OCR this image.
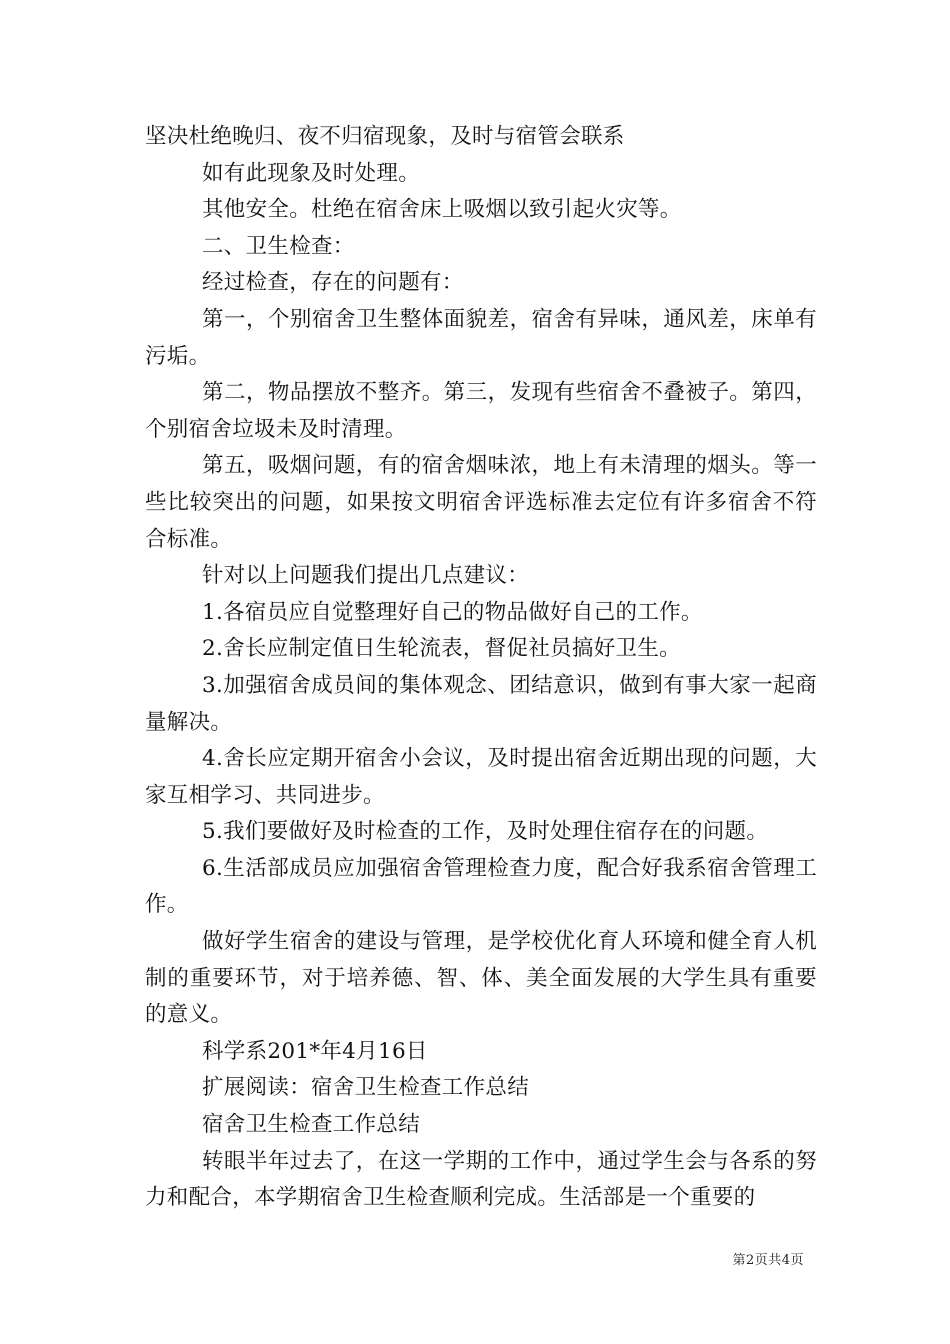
坚决杜绝晚归、夜不归宿现象，及时与宿管会联系

如有此现象及时处理。

其他安全。杜绝在宿舍床上吸烟以致引起火灾等。

二、卫生检查：

经过检查，存在的问题有：

第一，个别宿舍卫生整体面貌差，宿舍有异味，通风差，床单有污垢。

第二，物品摆放不整齐。第三，发现有些宿舍不叠被子。第四，个别宿舍垃圾未及时清理。

第五，吸烟问题，有的宿舍烟味浓，地上有未清理的烟头。等一些比较突出的问题，如果按文明宿舍评选标准去定位有许多宿舍不符合标准。

针对以上问题我们提出几点建议：

1.各宿员应自觉整理好自己的物品做好自己的工作。

2.舍长应制定值日生轮流表，督促社员搞好卫生。

3.加强宿舍成员间的集体观念、团结意识，做到有事大家一起商量解决。

4.舍长应定期开宿舍小会议，及时提出宿舍近期出现的问题，大家互相学习、共同进步。

5.我们要做好及时检查的工作，及时处理住宿存在的问题。

6.生活部成员应加强宿舍管理检查力度，配合好我系宿舍管理工作。

做好学生宿舍的建设与管理，是学校优化育人环境和健全育人机制的重要环节，对于培养德、智、体、美全面发展的大学生具有重要的意义。

科学系201*年4月16日

扩展阅读：宿舍卫生检查工作总结

宿舍卫生检查工作总结

转眼半年过去了，在这一学期的工作中，通过学生会与各系的努力和配合，本学期宿舍卫生检查顺利完成。生活部是一个重要的

第2页共4页
